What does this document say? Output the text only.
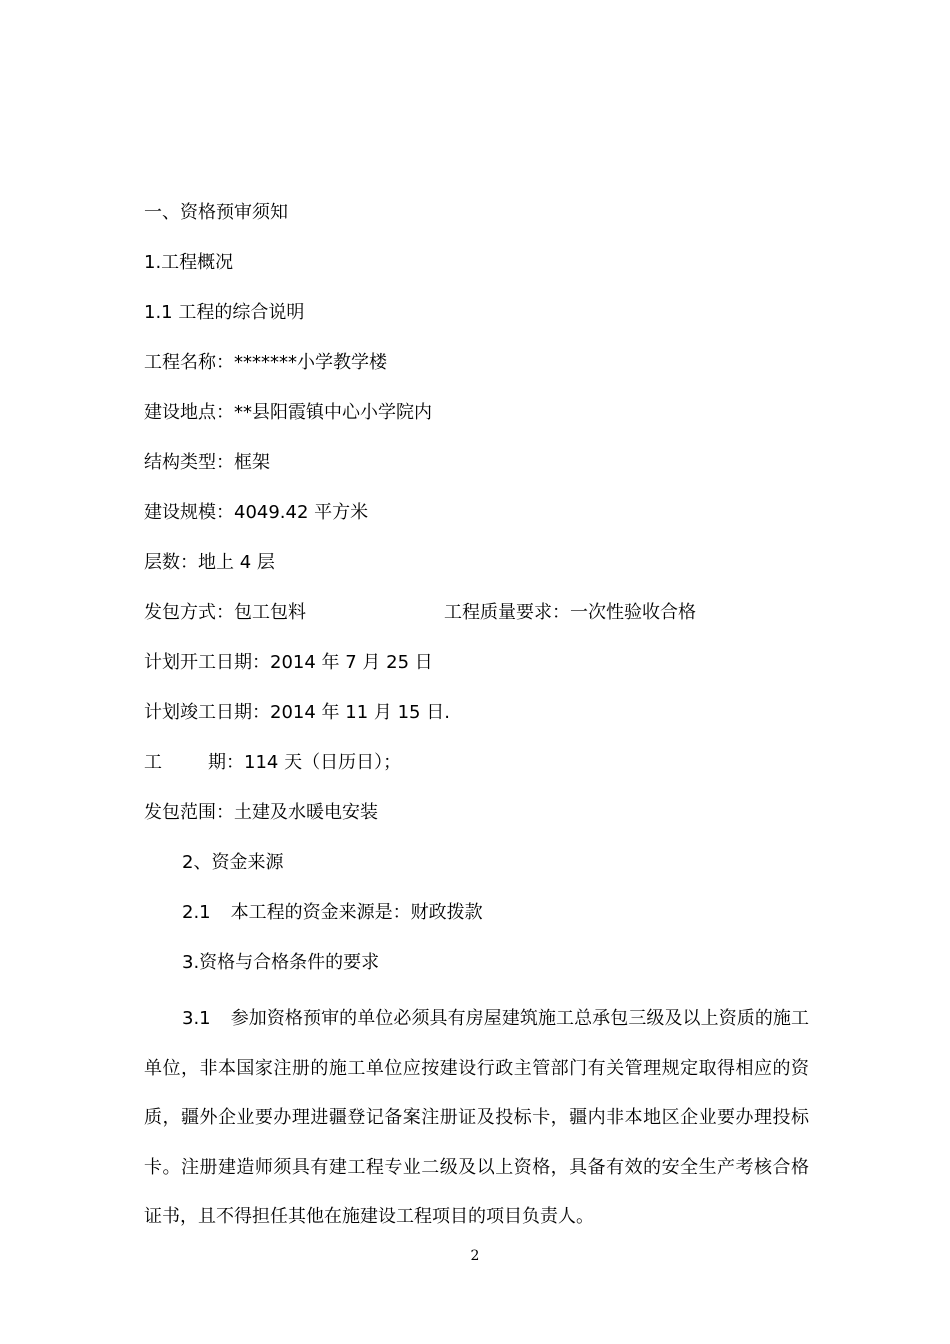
一、资格预审须知
1.工程概况
1.1 工程的综合说明
工程名称：*******小学教学楼
建设地点：**县阳霞镇中心小学院内
结构类型：框架
建设规模：4049.42 平方米
层数：地上 4 层
发包方式：包工包料	工程质量要求：一次性验收合格
计划开工日期：2014 年 7 月 25 日
计划竣工日期：2014 年 11 月 15 日.
工	期：114 天（日历日）；
发包范围：土建及水暖电安装
2、资金来源
2.1 本工程的资金来源是：财政拨款
3.资格与合格条件的要求
3.1 参加资格预审的单位必须具有房屋建筑施工总承包三级及以上资质的施工单位，非本国家注册的施工单位应按建设行政主管部门有关管理规定取得相应的资质，疆外企业要办理进疆登记备案注册证及投标卡，疆内非本地区企业要办理投标卡。注册建造师须具有建工程专业二级及以上资格，具备有效的安全生产考核合格证书，且不得担任其他在施建设工程项目的项目负责人。
2
